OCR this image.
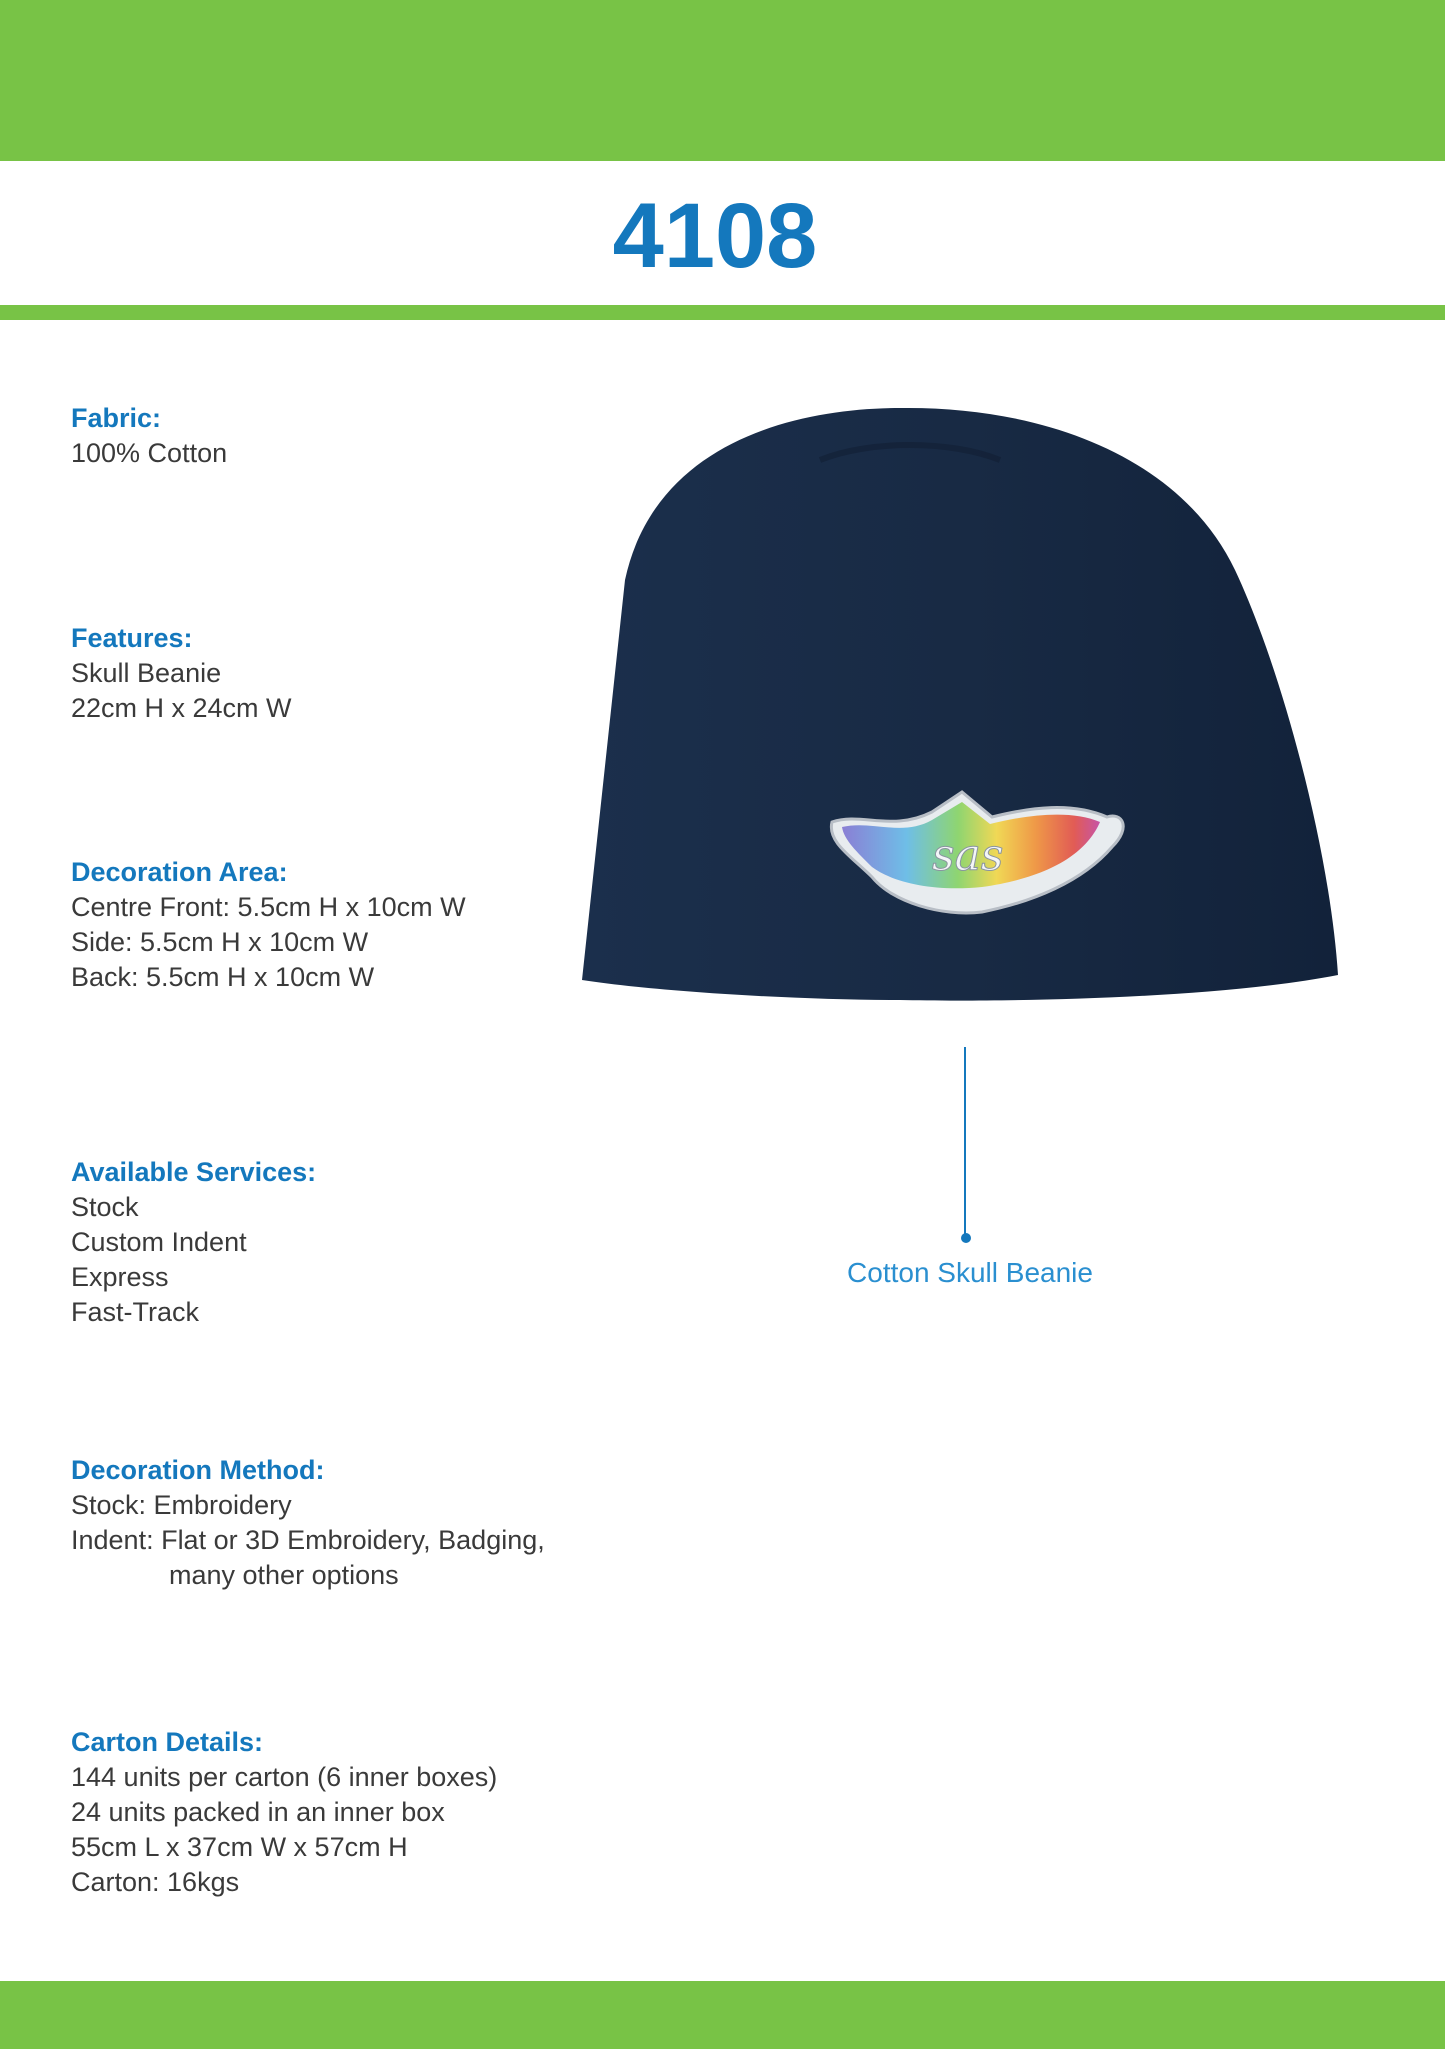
4108
Fabric:
100% Cotton
Features:
Skull Beanie
22cm H x 24cm W
Decoration Area:
Centre Front: 5.5cm H x 10cm W
Side: 5.5cm H x 10cm W
Back: 5.5cm H x 10cm W
Available Services:
Stock
Custom Indent
Express
Fast-Track
Decoration Method:
Stock: Embroidery
Indent: Flat or 3D Embroidery, Badging,
many other options
Carton Details:
144 units per carton (6 inner boxes)
24 units packed in an inner box
55cm L x 37cm W x 57cm H
Carton: 16kgs
sas
Cotton Skull Beanie
